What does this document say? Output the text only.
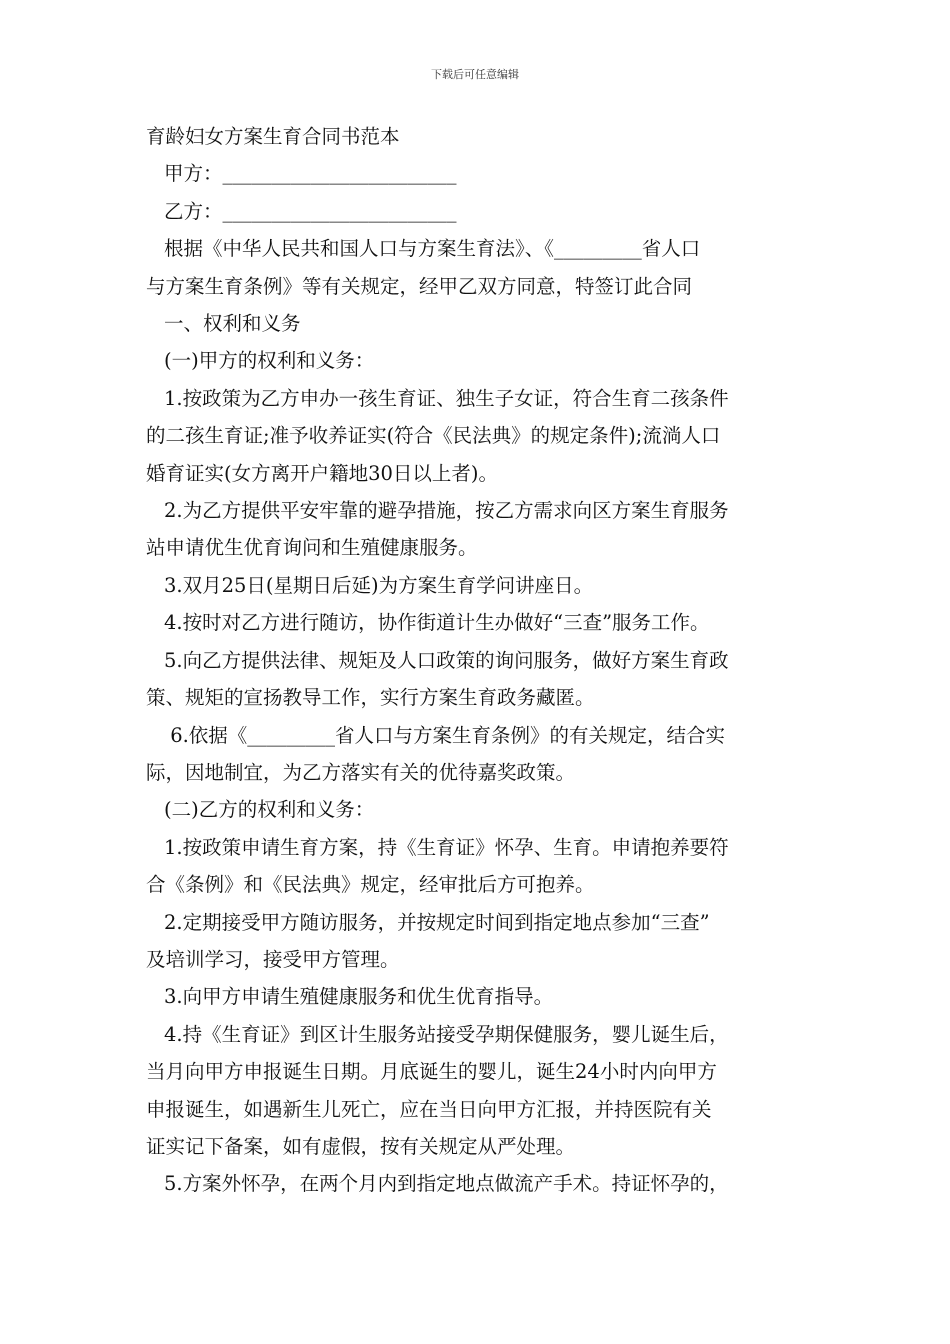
下载后可任意编辑

育龄妇女方案生育合同书范本

甲方：________________________

乙方：________________________

根据《中华人民共和国人口与方案生育法》、《_________省人口

与方案生育条例》等有关规定，经甲乙双方同意，特签订此合同

一、权利和义务

(一)甲方的权利和义务：

1.按政策为乙方申办一孩生育证、独生子女证，符合生育二孩条件

的二孩生育证;准予收养证实(符合《民法典》的规定条件);流淌人口

婚育证实(女方离开户籍地30日以上者)。

2.为乙方提供平安牢靠的避孕措施，按乙方需求向区方案生育服务

站申请优生优育询问和生殖健康服务。

3.双月25日(星期日后延)为方案生育学问讲座日。

4.按时对乙方进行随访，协作街道计生办做好“三查”服务工作。

5.向乙方提供法律、规矩及人口政策的询问服务，做好方案生育政

策、规矩的宣扬教导工作，实行方案生育政务藏匿。

6.依据《_________省人口与方案生育条例》的有关规定，结合实

际，因地制宜，为乙方落实有关的优待嘉奖政策。

(二)乙方的权利和义务：

1.按政策申请生育方案，持《生育证》怀孕、生育。申请抱养要符

合《条例》和《民法典》规定，经审批后方可抱养。

2.定期接受甲方随访服务，并按规定时间到指定地点参加“三查”

及培训学习，接受甲方管理。

3.向甲方申请生殖健康服务和优生优育指导。

4.持《生育证》到区计生服务站接受孕期保健服务，婴儿诞生后，

当月向甲方申报诞生日期。月底诞生的婴儿，诞生24小时内向甲方

申报诞生，如遇新生儿死亡，应在当日向甲方汇报，并持医院有关

证实记下备案，如有虚假，按有关规定从严处理。

5.方案外怀孕，在两个月内到指定地点做流产手术。持证怀孕的，
